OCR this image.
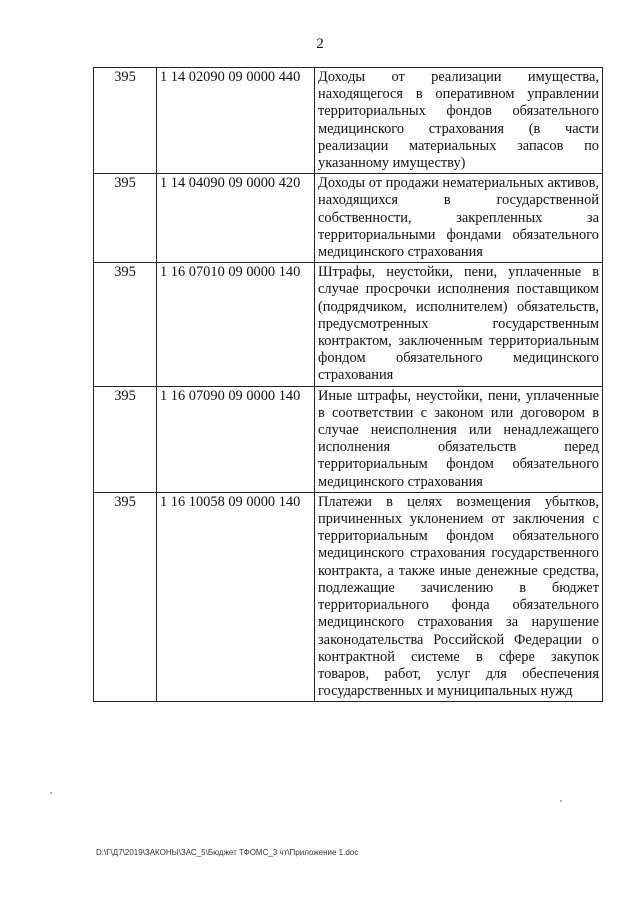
2
395	1 14 02090 09 0000 440	Доходы от реализации имущества, находящегося в оперативном управлении территориальных фондов обязательного медицинского страхования (в части реализации материальных запасов по указанному имуществу)
395	1 14 04090 09 0000 420	Доходы от продажи нематериальных активов, находящихся в государственной собственности, закрепленных за территориальными фондами обязательного медицинского страхования
395	1 16 07010 09 0000 140	Штрафы, неустойки, пени, уплаченные в случае просрочки исполнения поставщиком (подрядчиком, исполнителем) обязательств, предусмотренных государственным контрактом, заключенным территориальным фондом обязательного медицинского страхования
395	1 16 07090 09 0000 140	Иные штрафы, неустойки, пени, уплаченные в соответствии с законом или договором в случае неисполнения или ненадлежащего исполнения обязательств перед территориальным фондом обязательного медицинского страхования
395	1 16 10058 09 0000 140	Платежи в целях возмещения убытков, причиненных уклонением от заключения с территориальным фондом обязательного медицинского страхования государственного контракта, а также иные денежные средства, подлежащие зачислению в бюджет территориального фонда обязательного медицинского страхования за нарушение законодательства Российской Федерации о контрактной системе в сфере закупок товаров, работ, услуг для обеспечения государственных и муниципальных нужд
D:\Г\Д7\2019\ЗАКОНЫ\ЗАС_5\Бюджет ТФОМС_3 чт\Приложение 1.doc
